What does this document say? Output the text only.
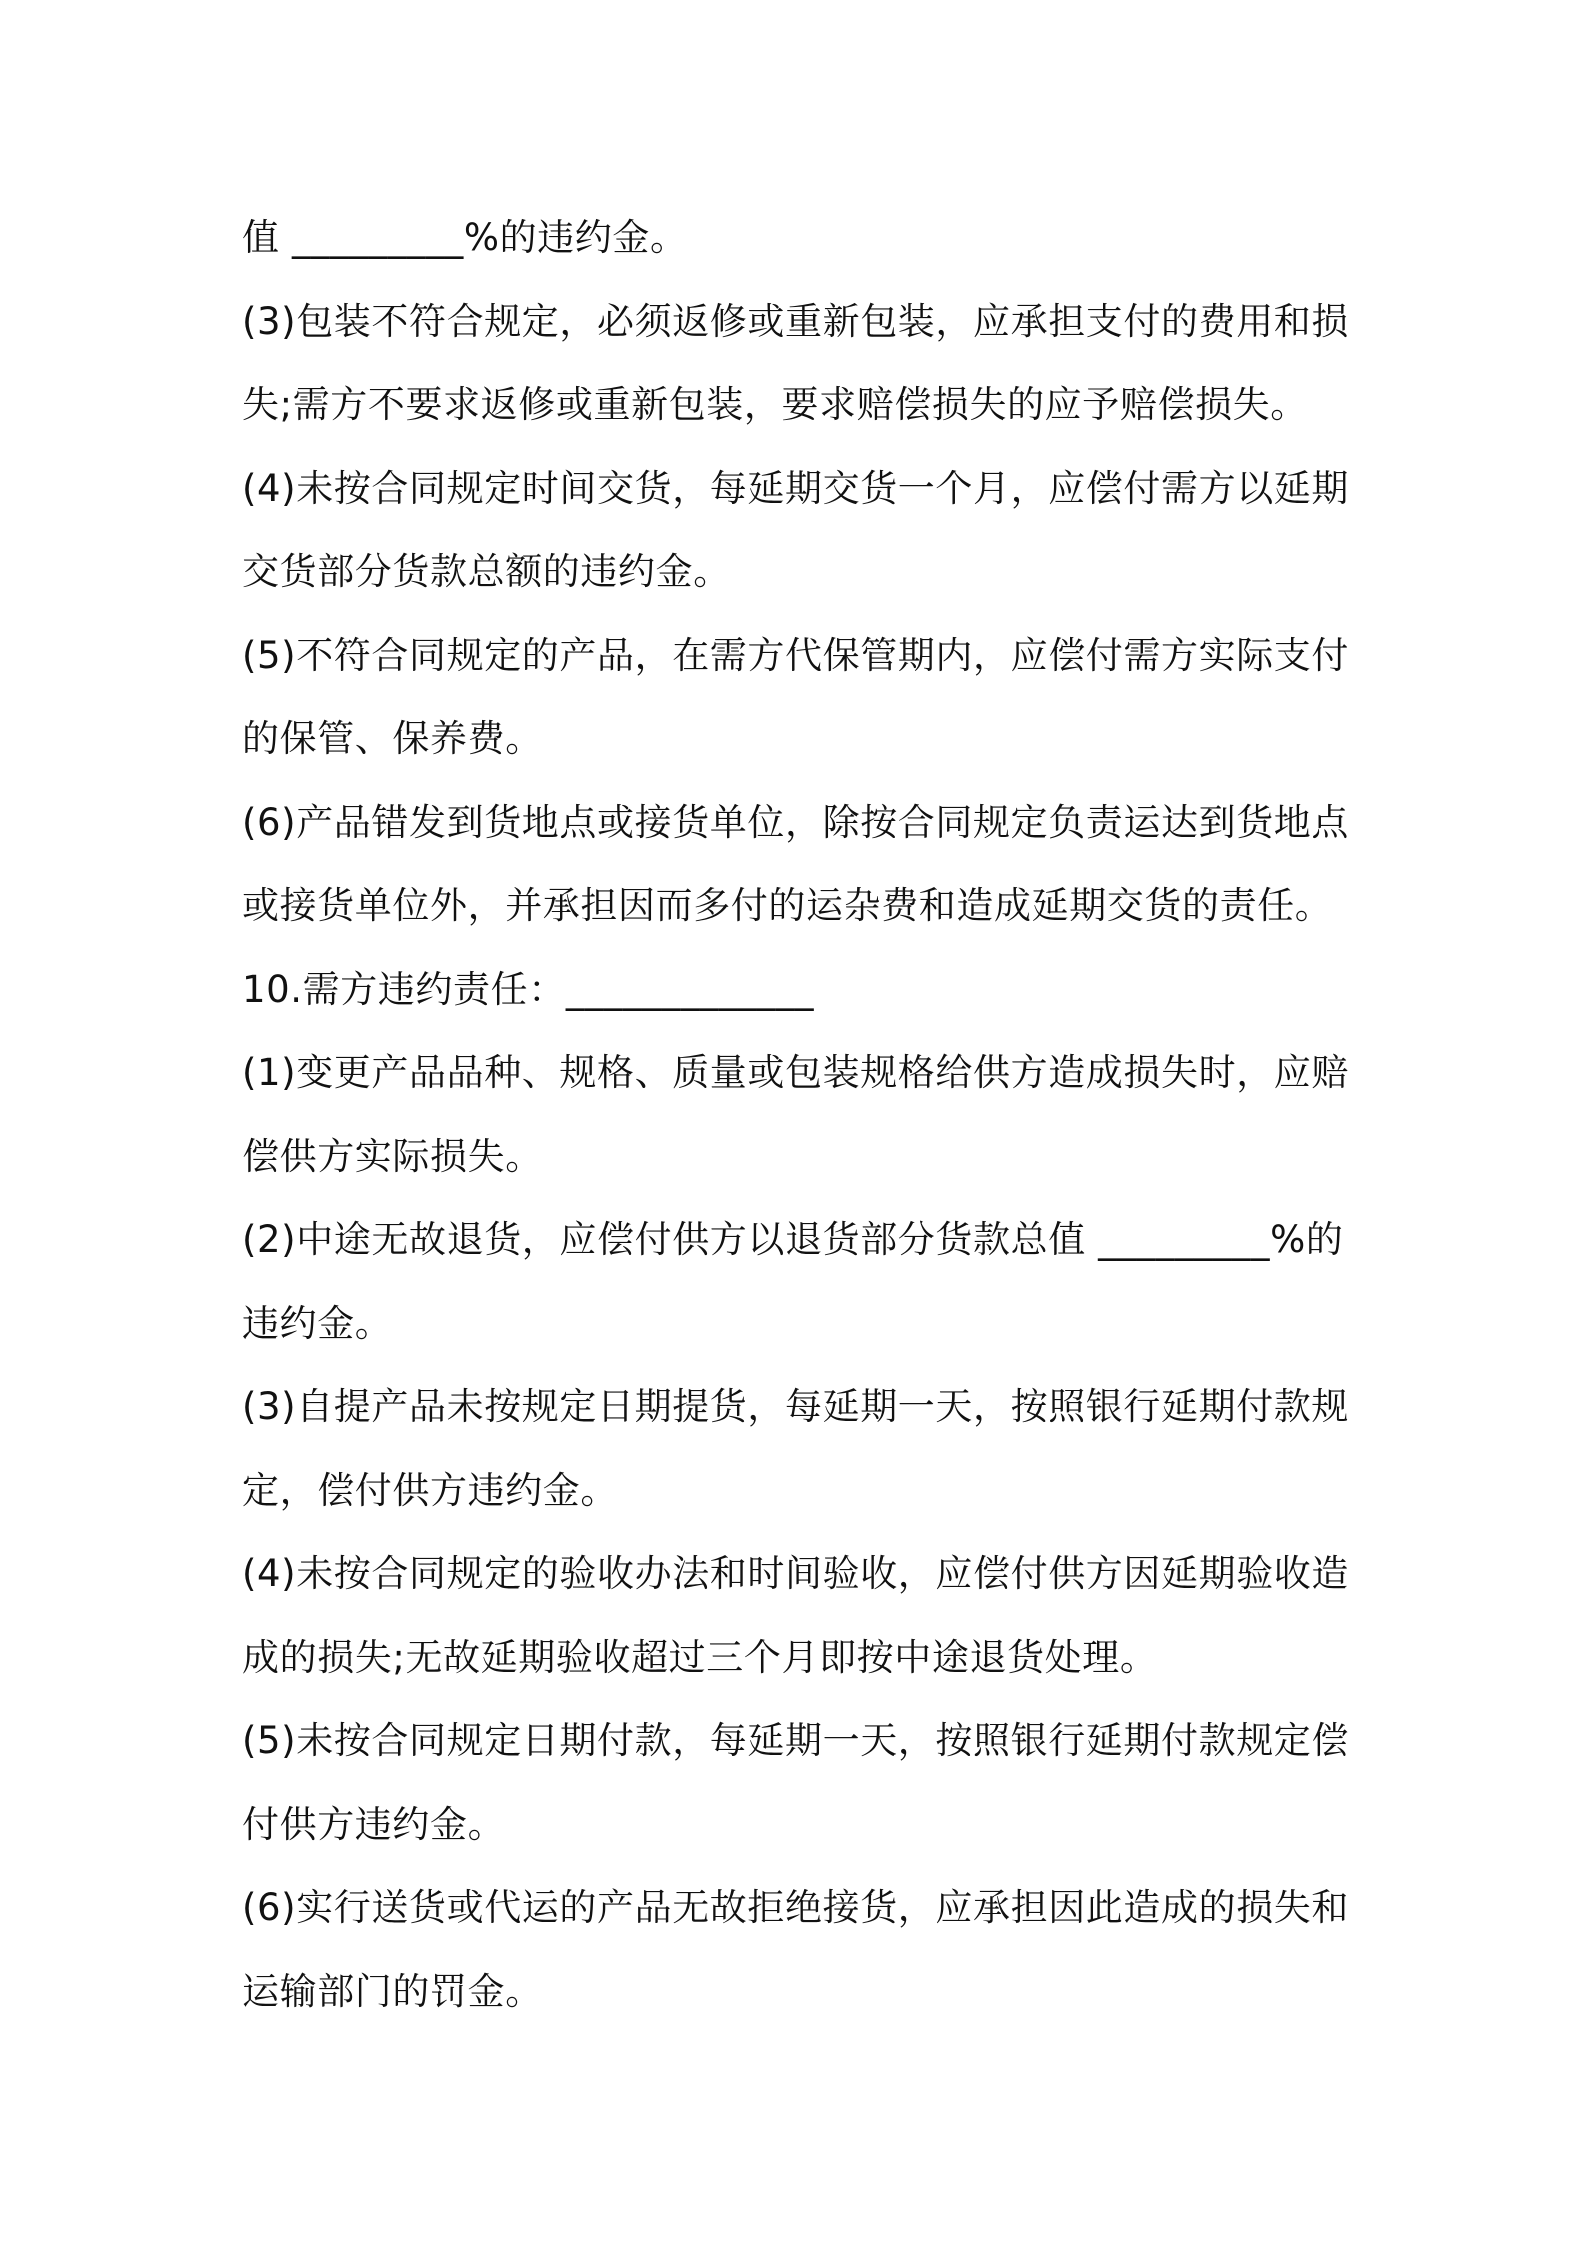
值 _________%的违约金。

(3)包装不符合规定，必须返修或重新包装，应承担支付的费用和损失;需方不要求返修或重新包装，要求赔偿损失的应予赔偿损失。

(4)未按合同规定时间交货，每延期交货一个月，应偿付需方以延期交货部分货款总额的违约金。

(5)不符合同规定的产品，在需方代保管期内，应偿付需方实际支付的保管、保养费。

(6)产品错发到货地点或接货单位，除按合同规定负责运达到货地点或接货单位外，并承担因而多付的运杂费和造成延期交货的责任。

10.需方违约责任：_____________

(1)变更产品品种、规格、质量或包装规格给供方造成损失时，应赔偿供方实际损失。

(2)中途无故退货，应偿付供方以退货部分货款总值 _________%的违约金。

(3)自提产品未按规定日期提货，每延期一天，按照银行延期付款规定，偿付供方违约金。

(4)未按合同规定的验收办法和时间验收，应偿付供方因延期验收造成的损失;无故延期验收超过三个月即按中途退货处理。

(5)未按合同规定日期付款，每延期一天，按照银行延期付款规定偿付供方违约金。

(6)实行送货或代运的产品无故拒绝接货，应承担因此造成的损失和运输部门的罚金。
